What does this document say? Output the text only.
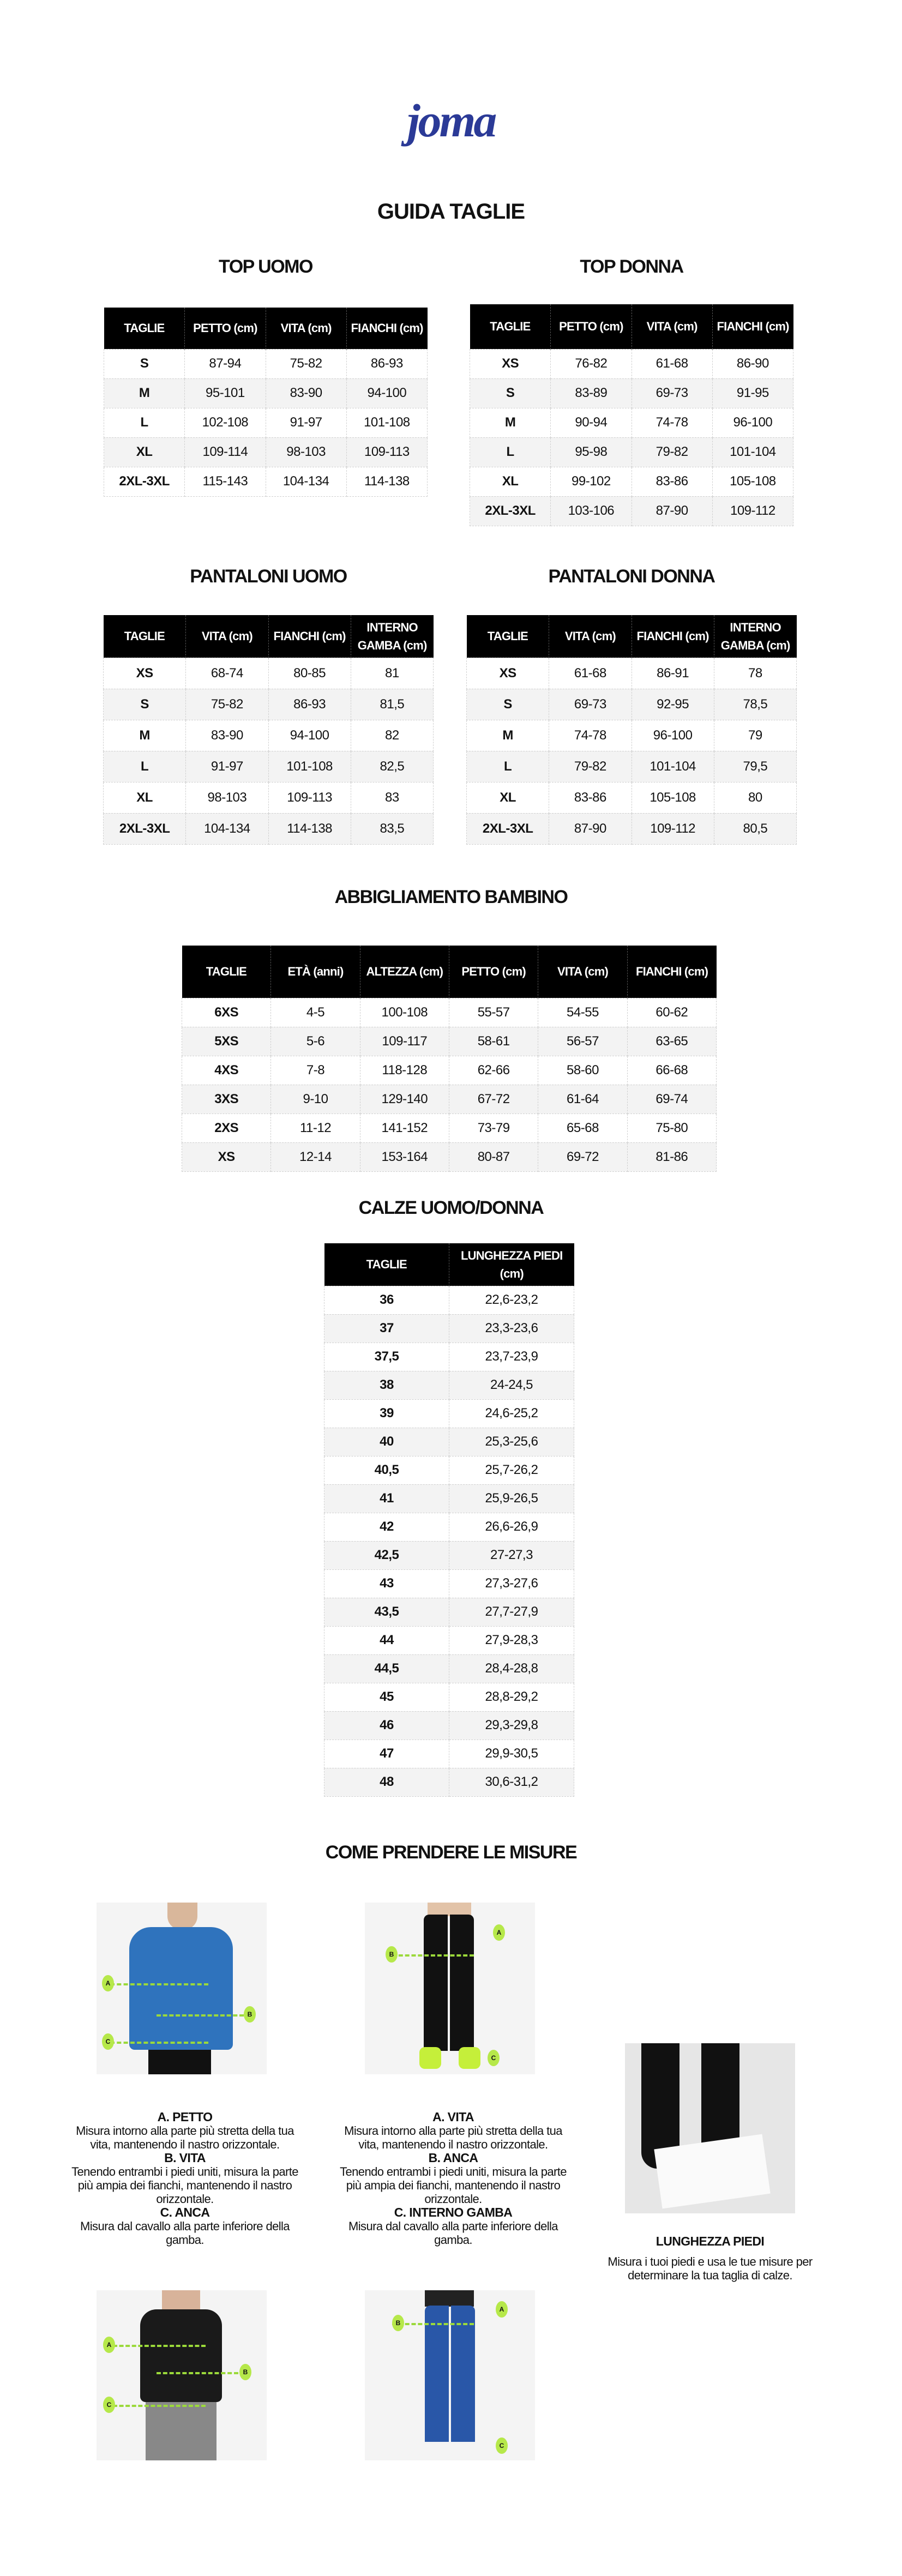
joma
GUIDA TAGLIE
TOP UOMO	TOP DONNA
TAGLIE	PETTO (cm)	VITA (cm)	FIANCHI (cm)
S	87-94	75-82	86-93
M	95-101	83-90	94-100
L	102-108	91-97	101-108
XL	109-114	98-103	109-113
2XL-3XL	115-143	104-134	114-138
TAGLIE	PETTO (cm)	VITA (cm)	FIANCHI (cm)
XS	76-82	61-68	86-90
S	83-89	69-73	91-95
M	90-94	74-78	96-100
L	95-98	79-82	101-104
XL	99-102	83-86	105-108
2XL-3XL	103-106	87-90	109-112
PANTALONI UOMO	PANTALONI DONNA
TAGLIE	VITA (cm)	FIANCHI (cm)	INTERNO GAMBA (cm)
XS	68-74	80-85	81
S	75-82	86-93	81,5
M	83-90	94-100	82
L	91-97	101-108	82,5
XL	98-103	109-113	83
2XL-3XL	104-134	114-138	83,5
TAGLIE	VITA (cm)	FIANCHI (cm)	INTERNO GAMBA (cm)
XS	61-68	86-91	78
S	69-73	92-95	78,5
M	74-78	96-100	79
L	79-82	101-104	79,5
XL	83-86	105-108	80
2XL-3XL	87-90	109-112	80,5
ABBIGLIAMENTO BAMBINO
TAGLIE	ETÀ (anni)	ALTEZZA (cm)	PETTO (cm)	VITA (cm)	FIANCHI (cm)
6XS	4-5	100-108	55-57	54-55	60-62
5XS	5-6	109-117	58-61	56-57	63-65
4XS	7-8	118-128	62-66	58-60	66-68
3XS	9-10	129-140	67-72	61-64	69-74
2XS	11-12	141-152	73-79	65-68	75-80
XS	12-14	153-164	80-87	69-72	81-86
CALZE UOMO/DONNA
TAGLIE	LUNGHEZZA PIEDI (cm)
36	22,6-23,2
37	23,3-23,6
37,5	23,7-23,9
38	24-24,5
39	24,6-25,2
40	25,3-25,6
40,5	25,7-26,2
41	25,9-26,5
42	26,6-26,9
42,5	27-27,3
43	27,3-27,6
43,5	27,7-27,9
44	27,9-28,3
44,5	28,4-28,8
45	28,8-29,2
46	29,3-29,8
47	29,9-30,5
48	30,6-31,2
COME PRENDERE LE MISURE
A
B
C
A
B
C
A. PETTO
Misura intorno alla parte più stretta della tua vita, mantenendo il nastro orizzontale.
B. VITA
Tenendo entrambi i piedi uniti, misura la parte più ampia dei fianchi, mantenendo il nastro orizzontale.
C. ANCA
Misura dal cavallo alla parte inferiore della gamba.
A. VITA
Misura intorno alla parte più stretta della tua vita, mantenendo il nastro orizzontale.
B. ANCA
Tenendo entrambi i piedi uniti, misura la parte più ampia dei fianchi, mantenendo il nastro orizzontale.
C. INTERNO GAMBA
Misura dal cavallo alla parte inferiore della gamba.	LUNGHEZZA PIEDI
Misura i tuoi piedi e usa le tue misure per determinare la tua taglia di calze.
A
B
C
B
A
C
